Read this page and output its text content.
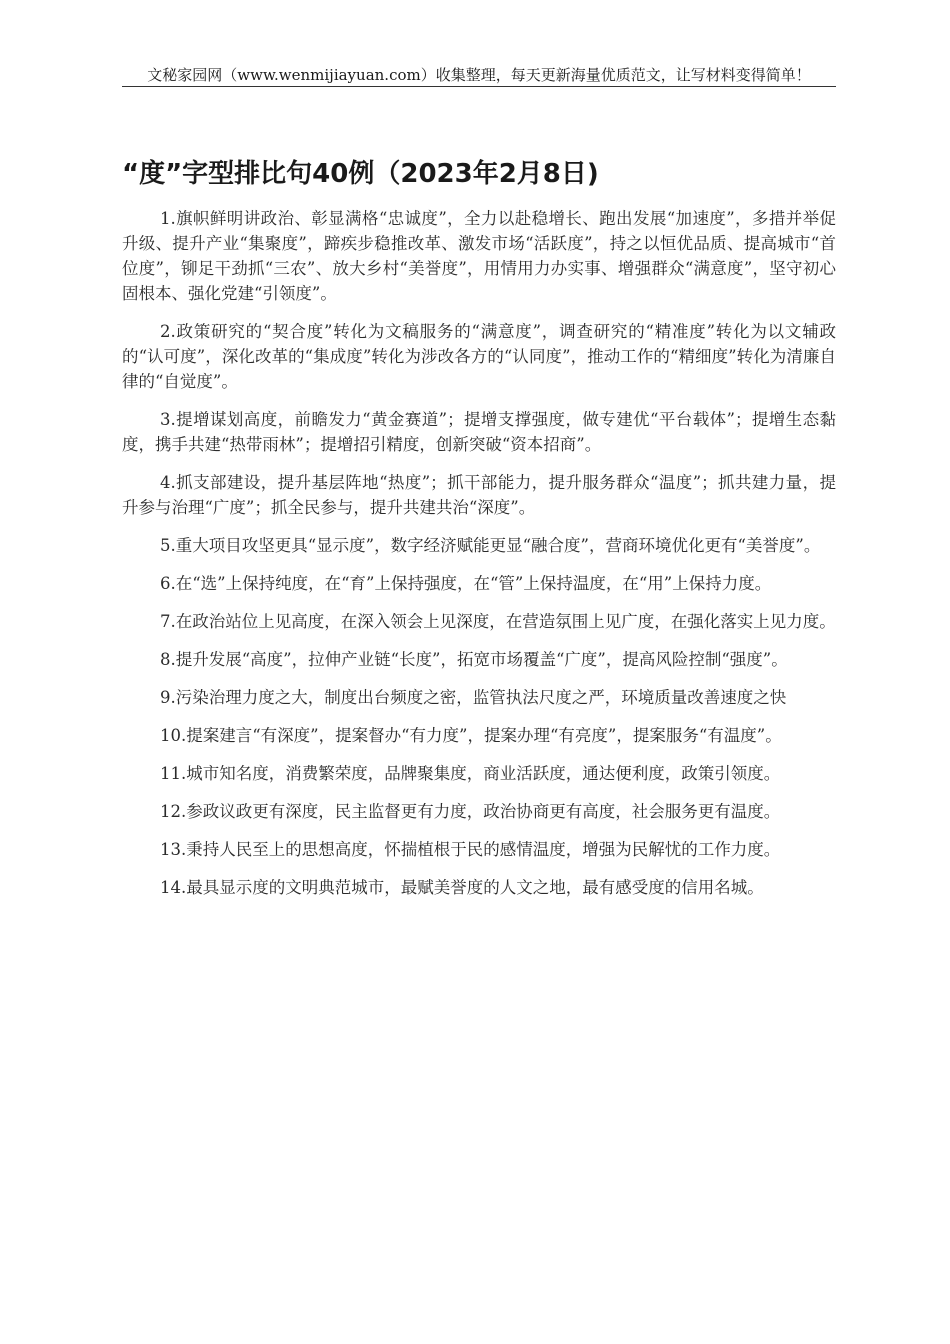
文秘家园网（www.wenmijiayuan.com）收集整理，每天更新海量优质范文，让写材料变得简单！
“度”字型排比句40例（2023年2月8日)

1.旗帜鲜明讲政治、彰显满格“忠诚度”，全力以赴稳增长、跑出发展“加速度”，多措并举促升级、提升产业“集聚度”，蹄疾步稳推改革、激发市场“活跃度”，持之以恒优品质、提高城市“首位度”，铆足干劲抓“三农”、放大乡村“美誉度”，用情用力办实事、增强群众“满意度”，坚守初心固根本、强化党建“引领度”。

2.政策研究的“契合度”转化为文稿服务的“满意度”，调查研究的“精准度”转化为以文辅政的“认可度”，深化改革的“集成度”转化为涉改各方的“认同度”，推动工作的“精细度”转化为清廉自律的“自觉度”。

3.提增谋划高度，前瞻发力“黄金赛道”；提增支撑强度，做专建优“平台载体”；提增生态黏度，携手共建“热带雨林”；提增招引精度，创新突破“资本招商”。

4.抓支部建设，提升基层阵地“热度”；抓干部能力，提升服务群众“温度”；抓共建力量，提升参与治理“广度”；抓全民参与，提升共建共治“深度”。

5.重大项目攻坚更具“显示度”，数字经济赋能更显“融合度”，营商环境优化更有“美誉度”。

6.在“选”上保持纯度，在“育”上保持强度，在“管”上保持温度，在“用”上保持力度。

7.在政治站位上见高度，在深入领会上见深度，在营造氛围上见广度，在强化落实上见力度。

8.提升发展“高度”，拉伸产业链“长度”，拓宽市场覆盖“广度”，提高风险控制“强度”。

9.污染治理力度之大，制度出台频度之密，监管执法尺度之严，环境质量改善速度之快

10.提案建言“有深度”，提案督办“有力度”，提案办理“有亮度”，提案服务“有温度”。

11.城市知名度，消费繁荣度，品牌聚集度，商业活跃度，通达便利度，政策引领度。

12.参政议政更有深度，民主监督更有力度，政治协商更有高度，社会服务更有温度。

13.秉持人民至上的思想高度，怀揣植根于民的感情温度，增强为民解忧的工作力度。

14.最具显示度的文明典范城市，最赋美誉度的人文之地，最有感受度的信用名城。
